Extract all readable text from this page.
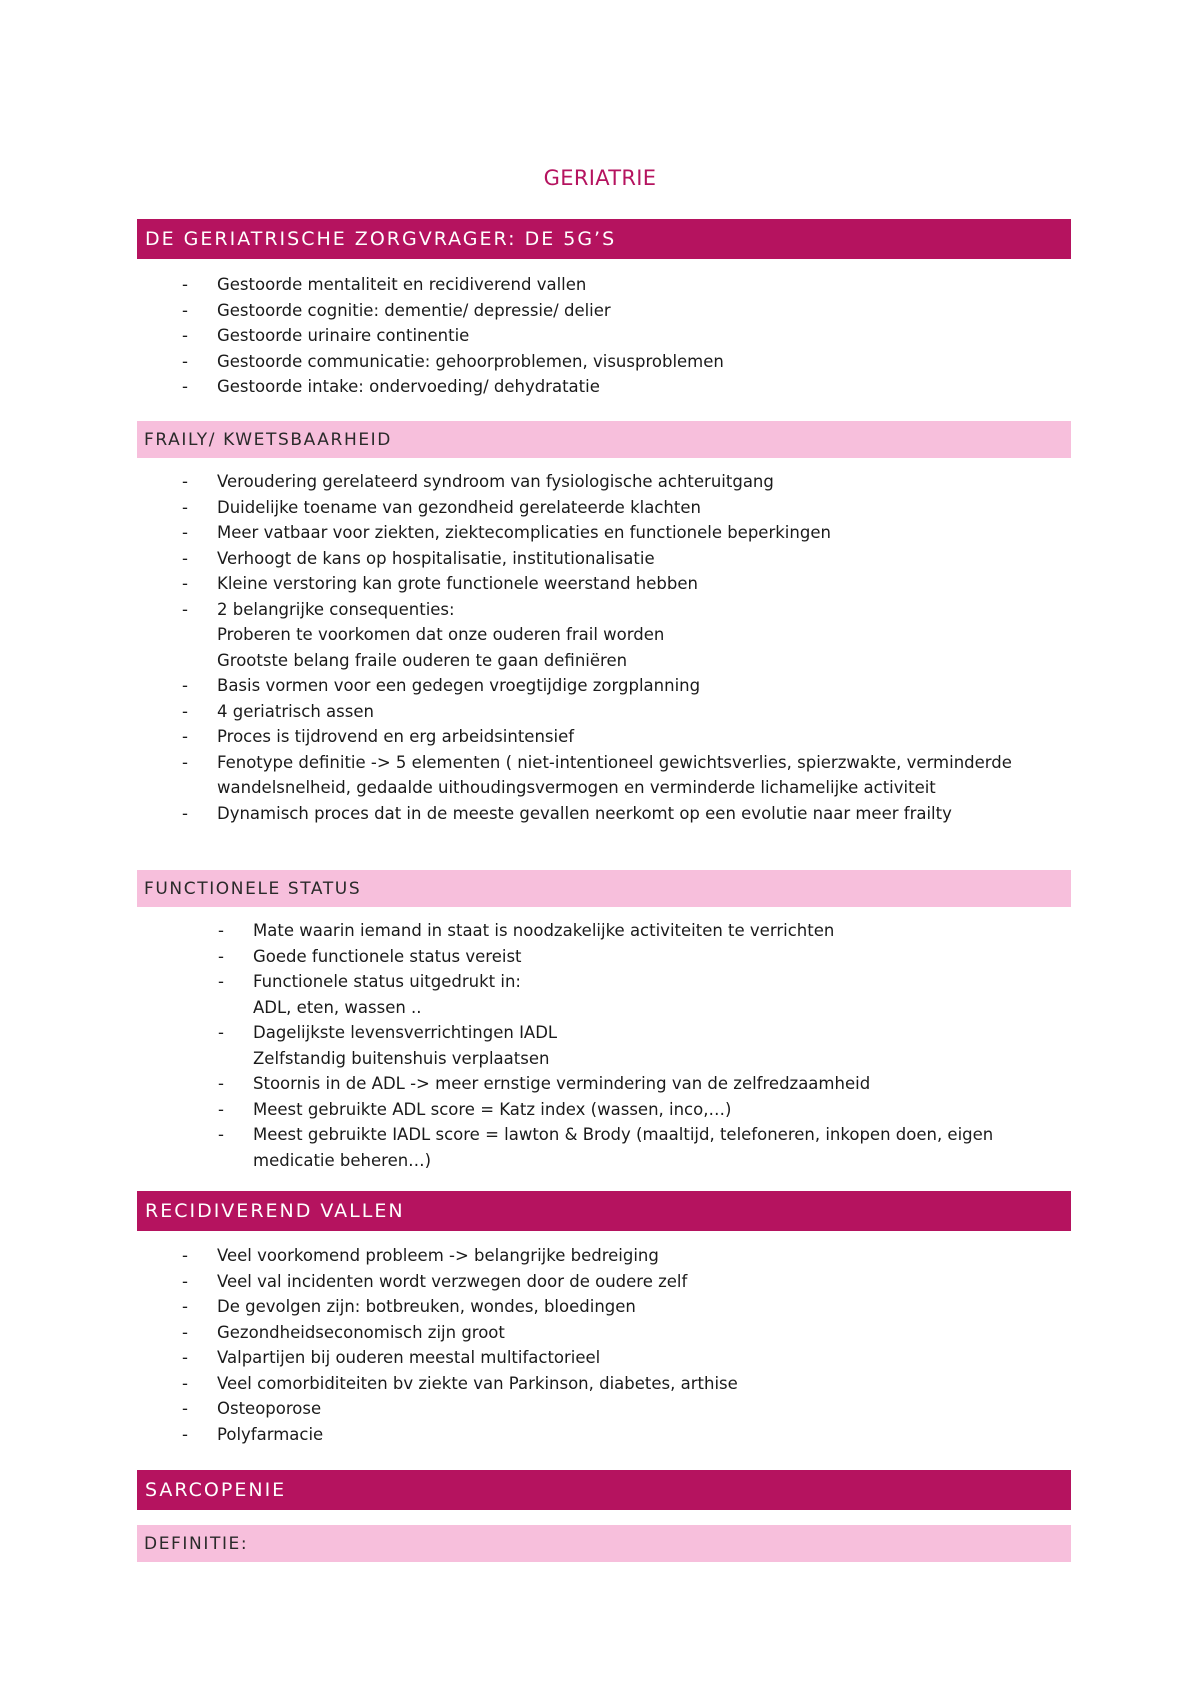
GERIATRIE
DE GERIATRISCHE ZORGVRAGER: DE 5G’S
- Gestoorde mentaliteit en recidiverend vallen
- Gestoorde cognitie: dementie/ depressie/ delier
- Gestoorde urinaire continentie
- Gestoorde communicatie: gehoorproblemen, visusproblemen
- Gestoorde intake: ondervoeding/ dehydratatie
FRAILY/ KWETSBAARHEID
- Veroudering gerelateerd syndroom van fysiologische achteruitgang
- Duidelijke toename van gezondheid gerelateerde klachten
- Meer vatbaar voor ziekten, ziektecomplicaties en functionele beperkingen
- Verhoogt de kans op hospitalisatie, institutionalisatie
- Kleine verstoring kan grote functionele weerstand hebben
- 2 belangrijke consequenties:
Proberen te voorkomen dat onze ouderen frail worden
Grootste belang fraile ouderen te gaan definiëren
- Basis vormen voor een gedegen vroegtijdige zorgplanning
- 4 geriatrisch assen
- Proces is tijdrovend en erg arbeidsintensief
- Fenotype definitie -> 5 elementen ( niet-intentioneel gewichtsverlies, spierzwakte, verminderde wandelsnelheid, gedaalde uithoudingsvermogen en verminderde lichamelijke activiteit
- Dynamisch proces dat in de meeste gevallen neerkomt op een evolutie naar meer frailty
FUNCTIONELE STATUS
- Mate waarin iemand in staat is noodzakelijke activiteiten te verrichten
- Goede functionele status vereist
- Functionele status uitgedrukt in:
ADL, eten, wassen ..
- Dagelijkste levensverrichtingen IADL
Zelfstandig buitenshuis verplaatsen
- Stoornis in de ADL -> meer ernstige vermindering van de zelfredzaamheid
- Meest gebruikte ADL score = Katz index (wassen, inco,…)
- Meest gebruikte IADL score = lawton & Brody (maaltijd, telefoneren, inkopen doen, eigen medicatie beheren…)
RECIDIVEREND VALLEN
- Veel voorkomend probleem -> belangrijke bedreiging
- Veel val incidenten wordt verzwegen door de oudere zelf
- De gevolgen zijn: botbreuken, wondes, bloedingen
- Gezondheidseconomisch zijn groot
- Valpartijen bij ouderen meestal multifactorieel
- Veel comorbiditeiten bv ziekte van Parkinson, diabetes, arthise
- Osteoporose
- Polyfarmacie
SARCOPENIE
DEFINITIE:
